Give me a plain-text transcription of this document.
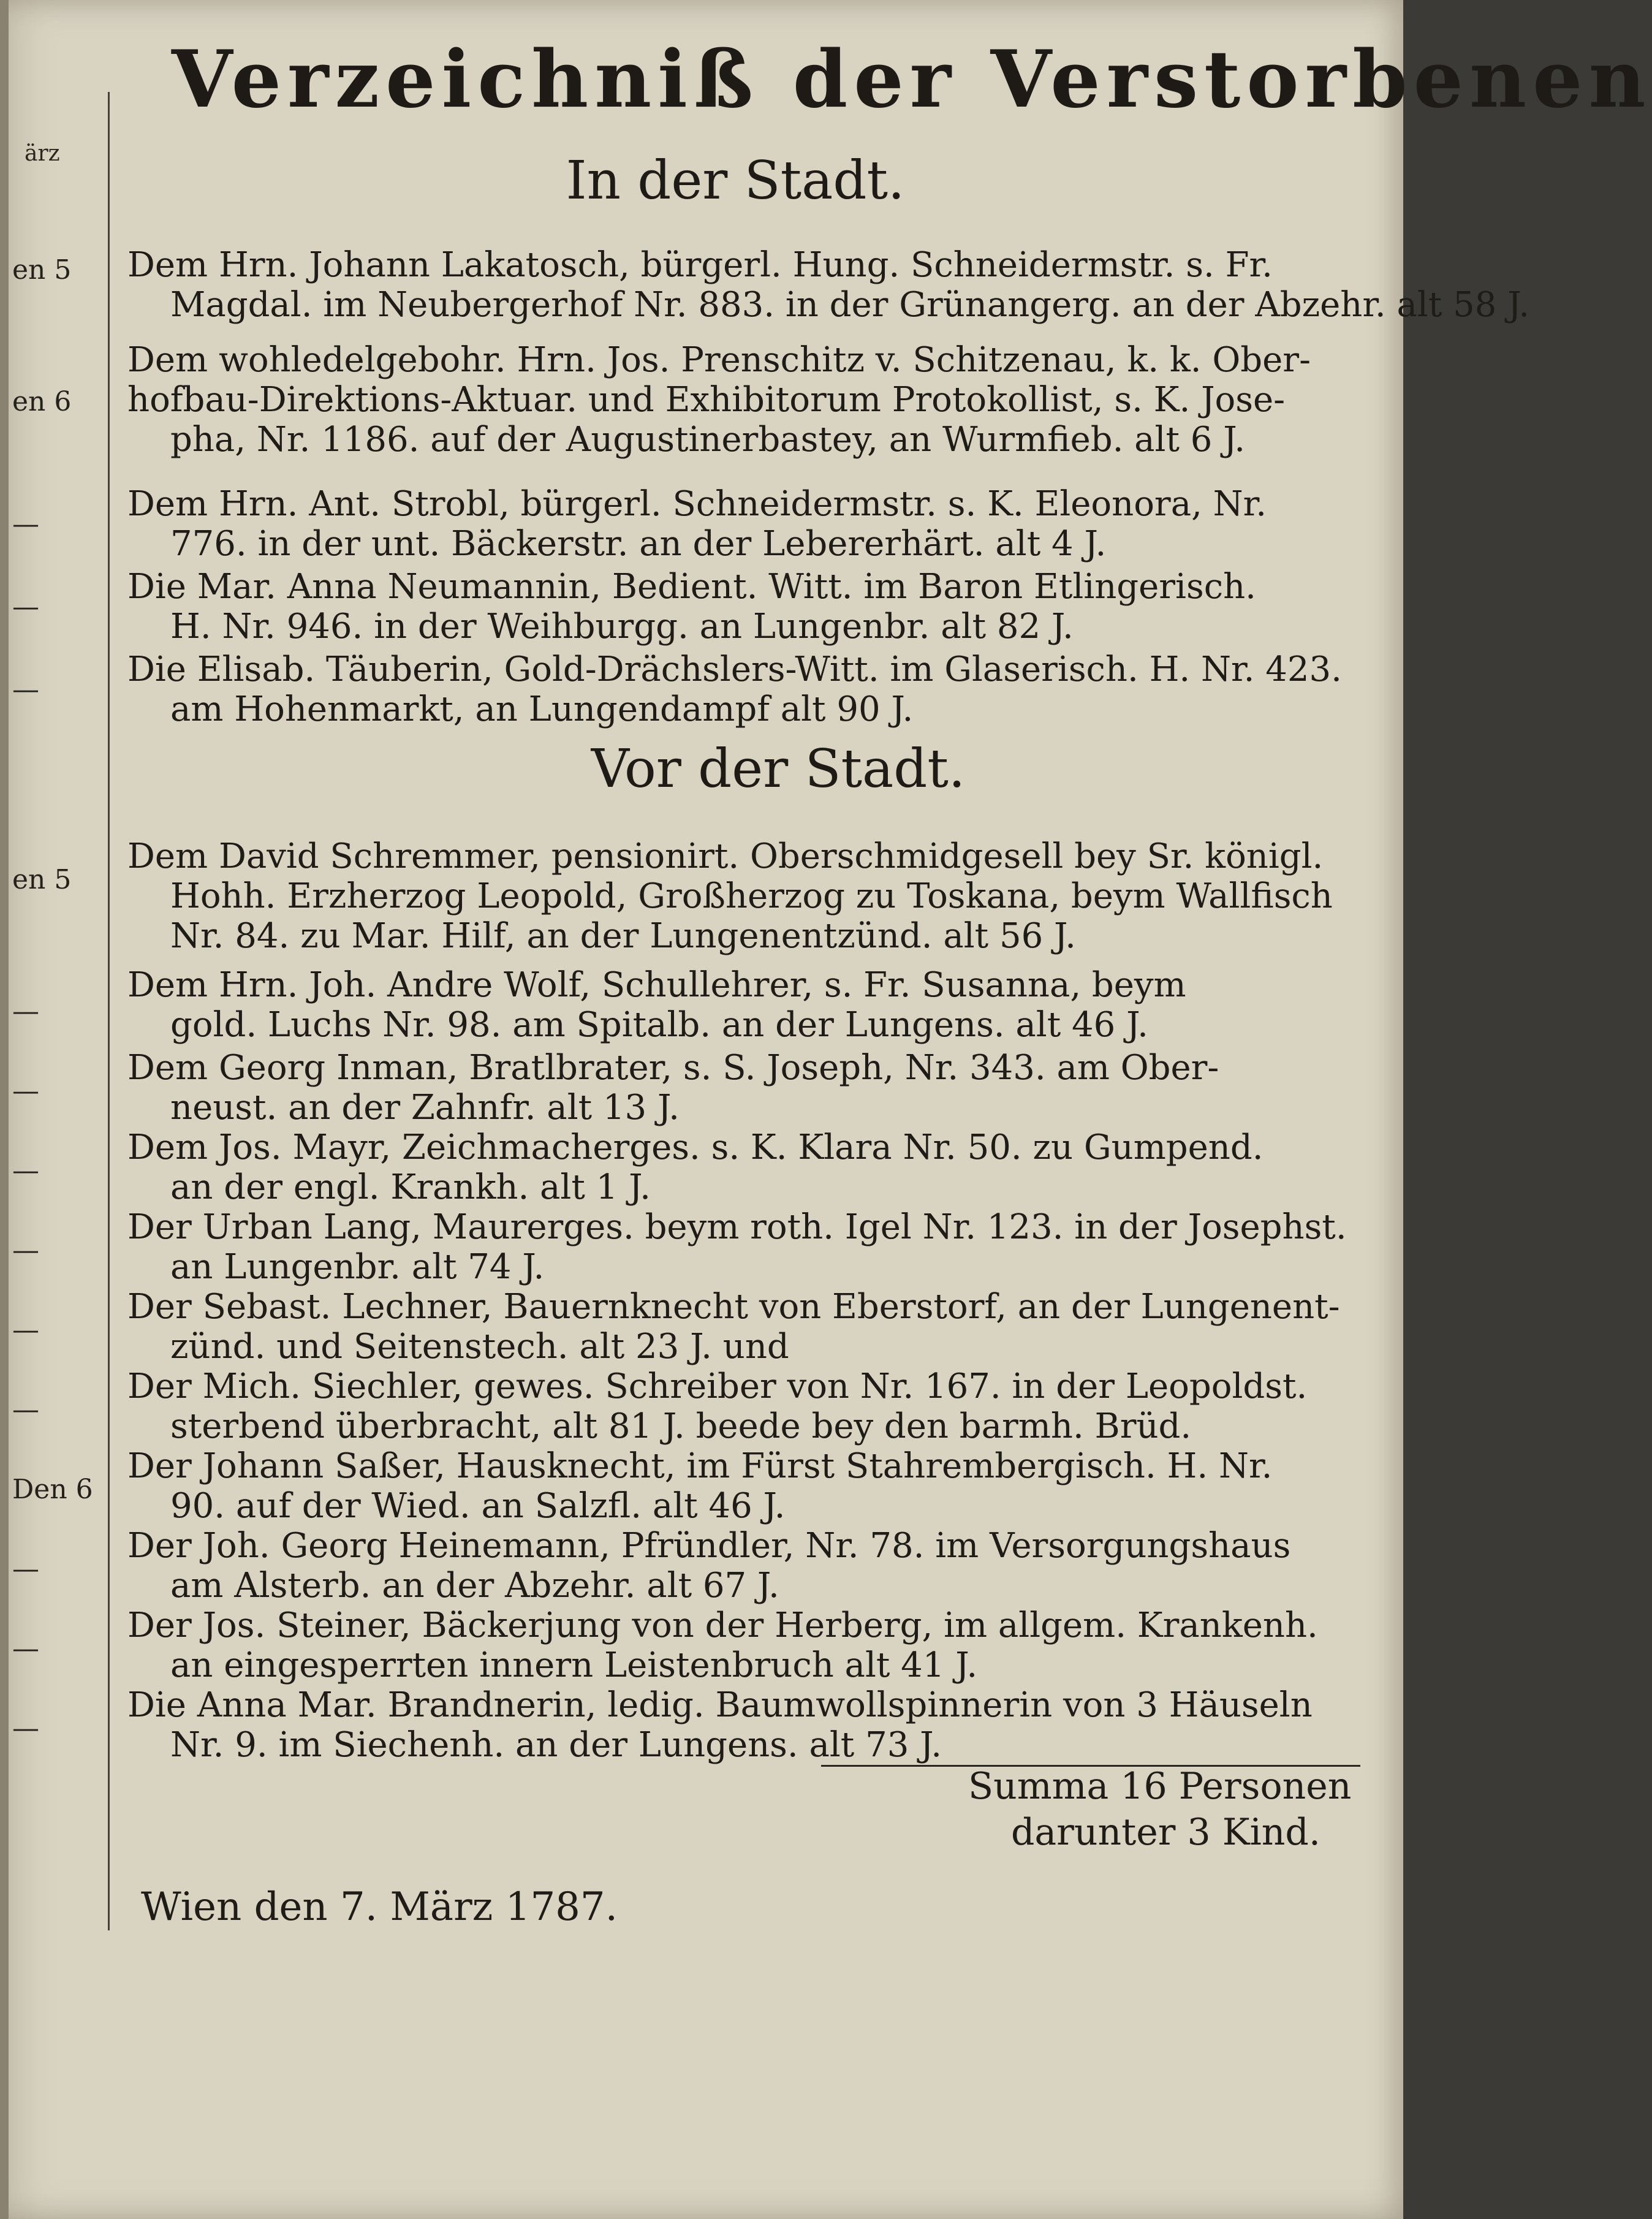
Verzeichniß der Verstorbenen
ärz	In der Stadt.
en 5	Dem Hrn. Johann Lakatosch, bürgerl. Hung. Schneidermstr. s. Fr.
Magdal. im Neubergerhof Nr. 883. in der Grünangerg. an der Abzehr. alt 58 J.
en 6
Dem wohledelgebohr. Hrn. Jos. Prenschitz v. Schitzenau, k. k. Ober-hofbau-Direktions-Aktuar. und Exhibitorum Protokollist, s. K. Jose-
pha, Nr. 1186. auf der Augustinerbastey, an Wurmfieb. alt 6 J.
—
Dem Hrn. Ant. Strobl, bürgerl. Schneidermstr. s. K. Eleonora, Nr.
776. in der unt. Bäckerstr. an der Lebererhärt. alt 4 J.
—
Die Mar. Anna Neumannin, Bedient. Witt. im Baron Etlingerisch.
H. Nr. 946. in der Weihburgg. an Lungenbr. alt 82 J.
—
Die Elisab. Täuberin, Gold-Drächslers-Witt. im Glaserisch. H. Nr. 423.
am Hohenmarkt, an Lungendampf alt 90 J.
Vor der Stadt.
en 5
Dem David Schremmer, pensionirt. Oberschmidgesell bey Sr. königl.
Hohh. Erzherzog Leopold, Großherzog zu Toskana, beym Wallfisch Nr. 84. zu Mar. Hilf, an der Lungenentzünd. alt 56 J.
—
Dem Hrn. Joh. Andre Wolf, Schullehrer, s. Fr. Susanna, beym
gold. Luchs Nr. 98. am Spitalb. an der Lungens. alt 46 J.
—
Dem Georg Inman, Bratlbrater, s. S. Joseph, Nr. 343. am Ober-
neust. an der Zahnfr. alt 13 J.
—
Dem Jos. Mayr, Zeichmacherges. s. K. Klara Nr. 50. zu Gumpend.
an der engl. Krankh. alt 1 J.
—
Der Urban Lang, Maurerges. beym roth. Igel Nr. 123. in der Josephst.
an Lungenbr. alt 74 J.
—
Der Sebast. Lechner, Bauernknecht von Eberstorf, an der Lungenent-
zünd. und Seitenstech. alt 23 J. und
—
Der Mich. Siechler, gewes. Schreiber von Nr. 167. in der Leopoldst.
sterbend überbracht, alt 81 J. beede bey den barmh. Brüd.
Den 6
Der Johann Saßer, Hausknecht, im Fürst Stahrembergisch. H. Nr.
90. auf der Wied. an Salzfl. alt 46 J.
—
Der Joh. Georg Heinemann, Pfründler, Nr. 78. im Versorgungshaus
am Alsterb. an der Abzehr. alt 67 J.
—
Der Jos. Steiner, Bäckerjung von der Herberg, im allgem. Krankenh.
an eingesperrten innern Leistenbruch alt 41 J.
—
Die Anna Mar. Brandnerin, ledig. Baumwollspinnerin von 3 Häuseln
Nr. 9. im Siechenh. an der Lungens. alt 73 J.
Summa 16 Personen
darunter 3 Kind.
Wien den 7. März 1787.
